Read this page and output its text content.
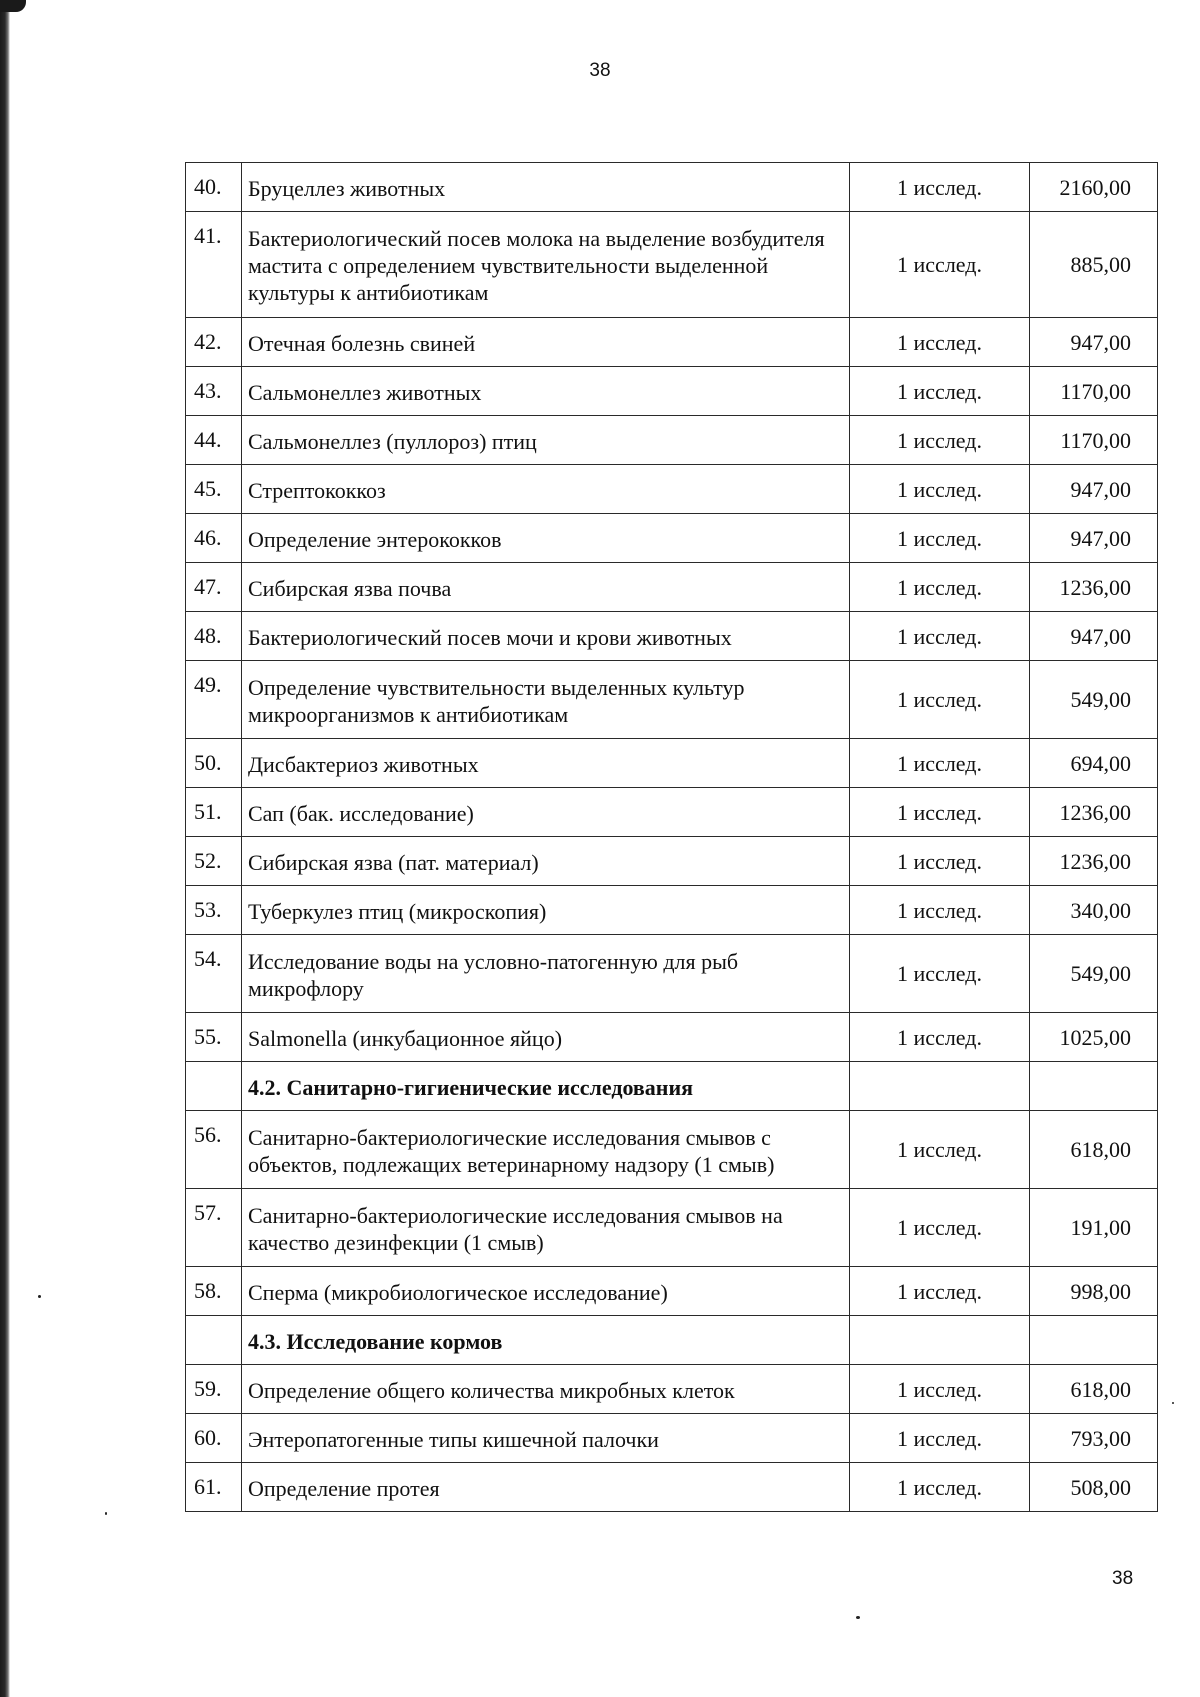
38
40.	Бруцеллез животных	1 исслед.	2160,00
41.	Бактериологический посев молока на выделение возбудителя мастита с определением чувствительности выделенной культуры к антибиотикам	1 исслед.	885,00
42.	Отечная болезнь свиней	1 исслед.	947,00
43.	Сальмонеллез животных	1 исслед.	1170,00
44.	Сальмонеллез (пуллороз) птиц	1 исслед.	1170,00
45.	Стрептококкоз	1 исслед.	947,00
46.	Определение энтерококков	1 исслед.	947,00
47.	Сибирская язва почва	1 исслед.	1236,00
48.	Бактериологический посев мочи и крови животных	1 исслед.	947,00
49.	Определение чувствительности выделенных культур микроорганизмов к антибиотикам	1 исслед.	549,00
50.	Дисбактериоз животных	1 исслед.	694,00
51.	Сап (бак. исследование)	1 исслед.	1236,00
52.	Сибирская язва (пат. материал)	1 исслед.	1236,00
53.	Туберкулез птиц (микроскопия)	1 исслед.	340,00
54.	Исследование воды на условно-патогенную для рыб микрофлору	1 исслед.	549,00
55.	Salmonella (инкубационное яйцо)	1 исслед.	1025,00
	4.2. Санитарно-гигиенические исследования		
56.	Санитарно-бактериологические исследования смывов с объектов, подлежащих ветеринарному надзору (1 смыв)	1 исслед.	618,00
57.	Санитарно-бактериологические исследования смывов на качество дезинфекции (1 смыв)	1 исслед.	191,00
58.	Сперма (микробиологическое исследование)	1 исслед.	998,00
	4.3. Исследование кормов		
59.	Определение общего количества микробных клеток	1 исслед.	618,00
60.	Энтеропатогенные типы кишечной палочки	1 исслед.	793,00
61.	Определение протея	1 исслед.	508,00
38
